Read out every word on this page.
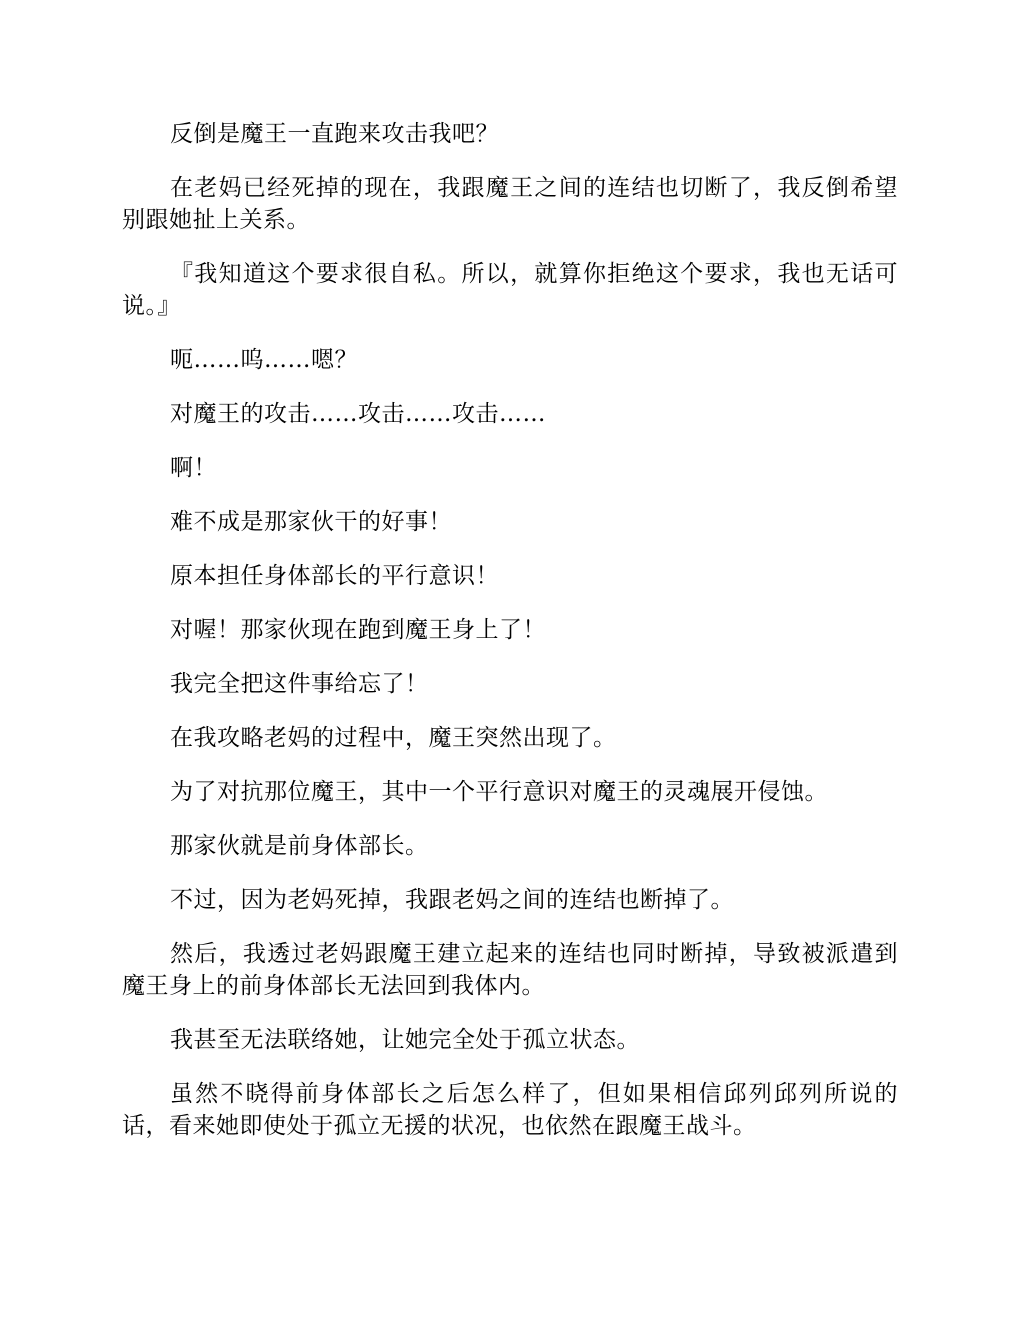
反倒是魔王一直跑来攻击我吧？

在老妈已经死掉的现在，我跟魔王之间的连结也切断了，我反倒希望别跟她扯上关系。

『我知道这个要求很自私。所以，就算你拒绝这个要求，我也无话可说。』

呃……呜……嗯？

对魔王的攻击……攻击……攻击……

啊！

难不成是那家伙干的好事！

原本担任身体部长的平行意识！

对喔！那家伙现在跑到魔王身上了！

我完全把这件事给忘了！

在我攻略老妈的过程中，魔王突然出现了。

为了对抗那位魔王，其中一个平行意识对魔王的灵魂展开侵蚀。

那家伙就是前身体部长。

不过，因为老妈死掉，我跟老妈之间的连结也断掉了。

然后，我透过老妈跟魔王建立起来的连结也同时断掉，导致被派遣到魔王身上的前身体部长无法回到我体内。

我甚至无法联络她，让她完全处于孤立状态。

虽然不晓得前身体部长之后怎么样了，但如果相信邱列邱列所说的话，看来她即使处于孤立无援的状况，也依然在跟魔王战斗。
